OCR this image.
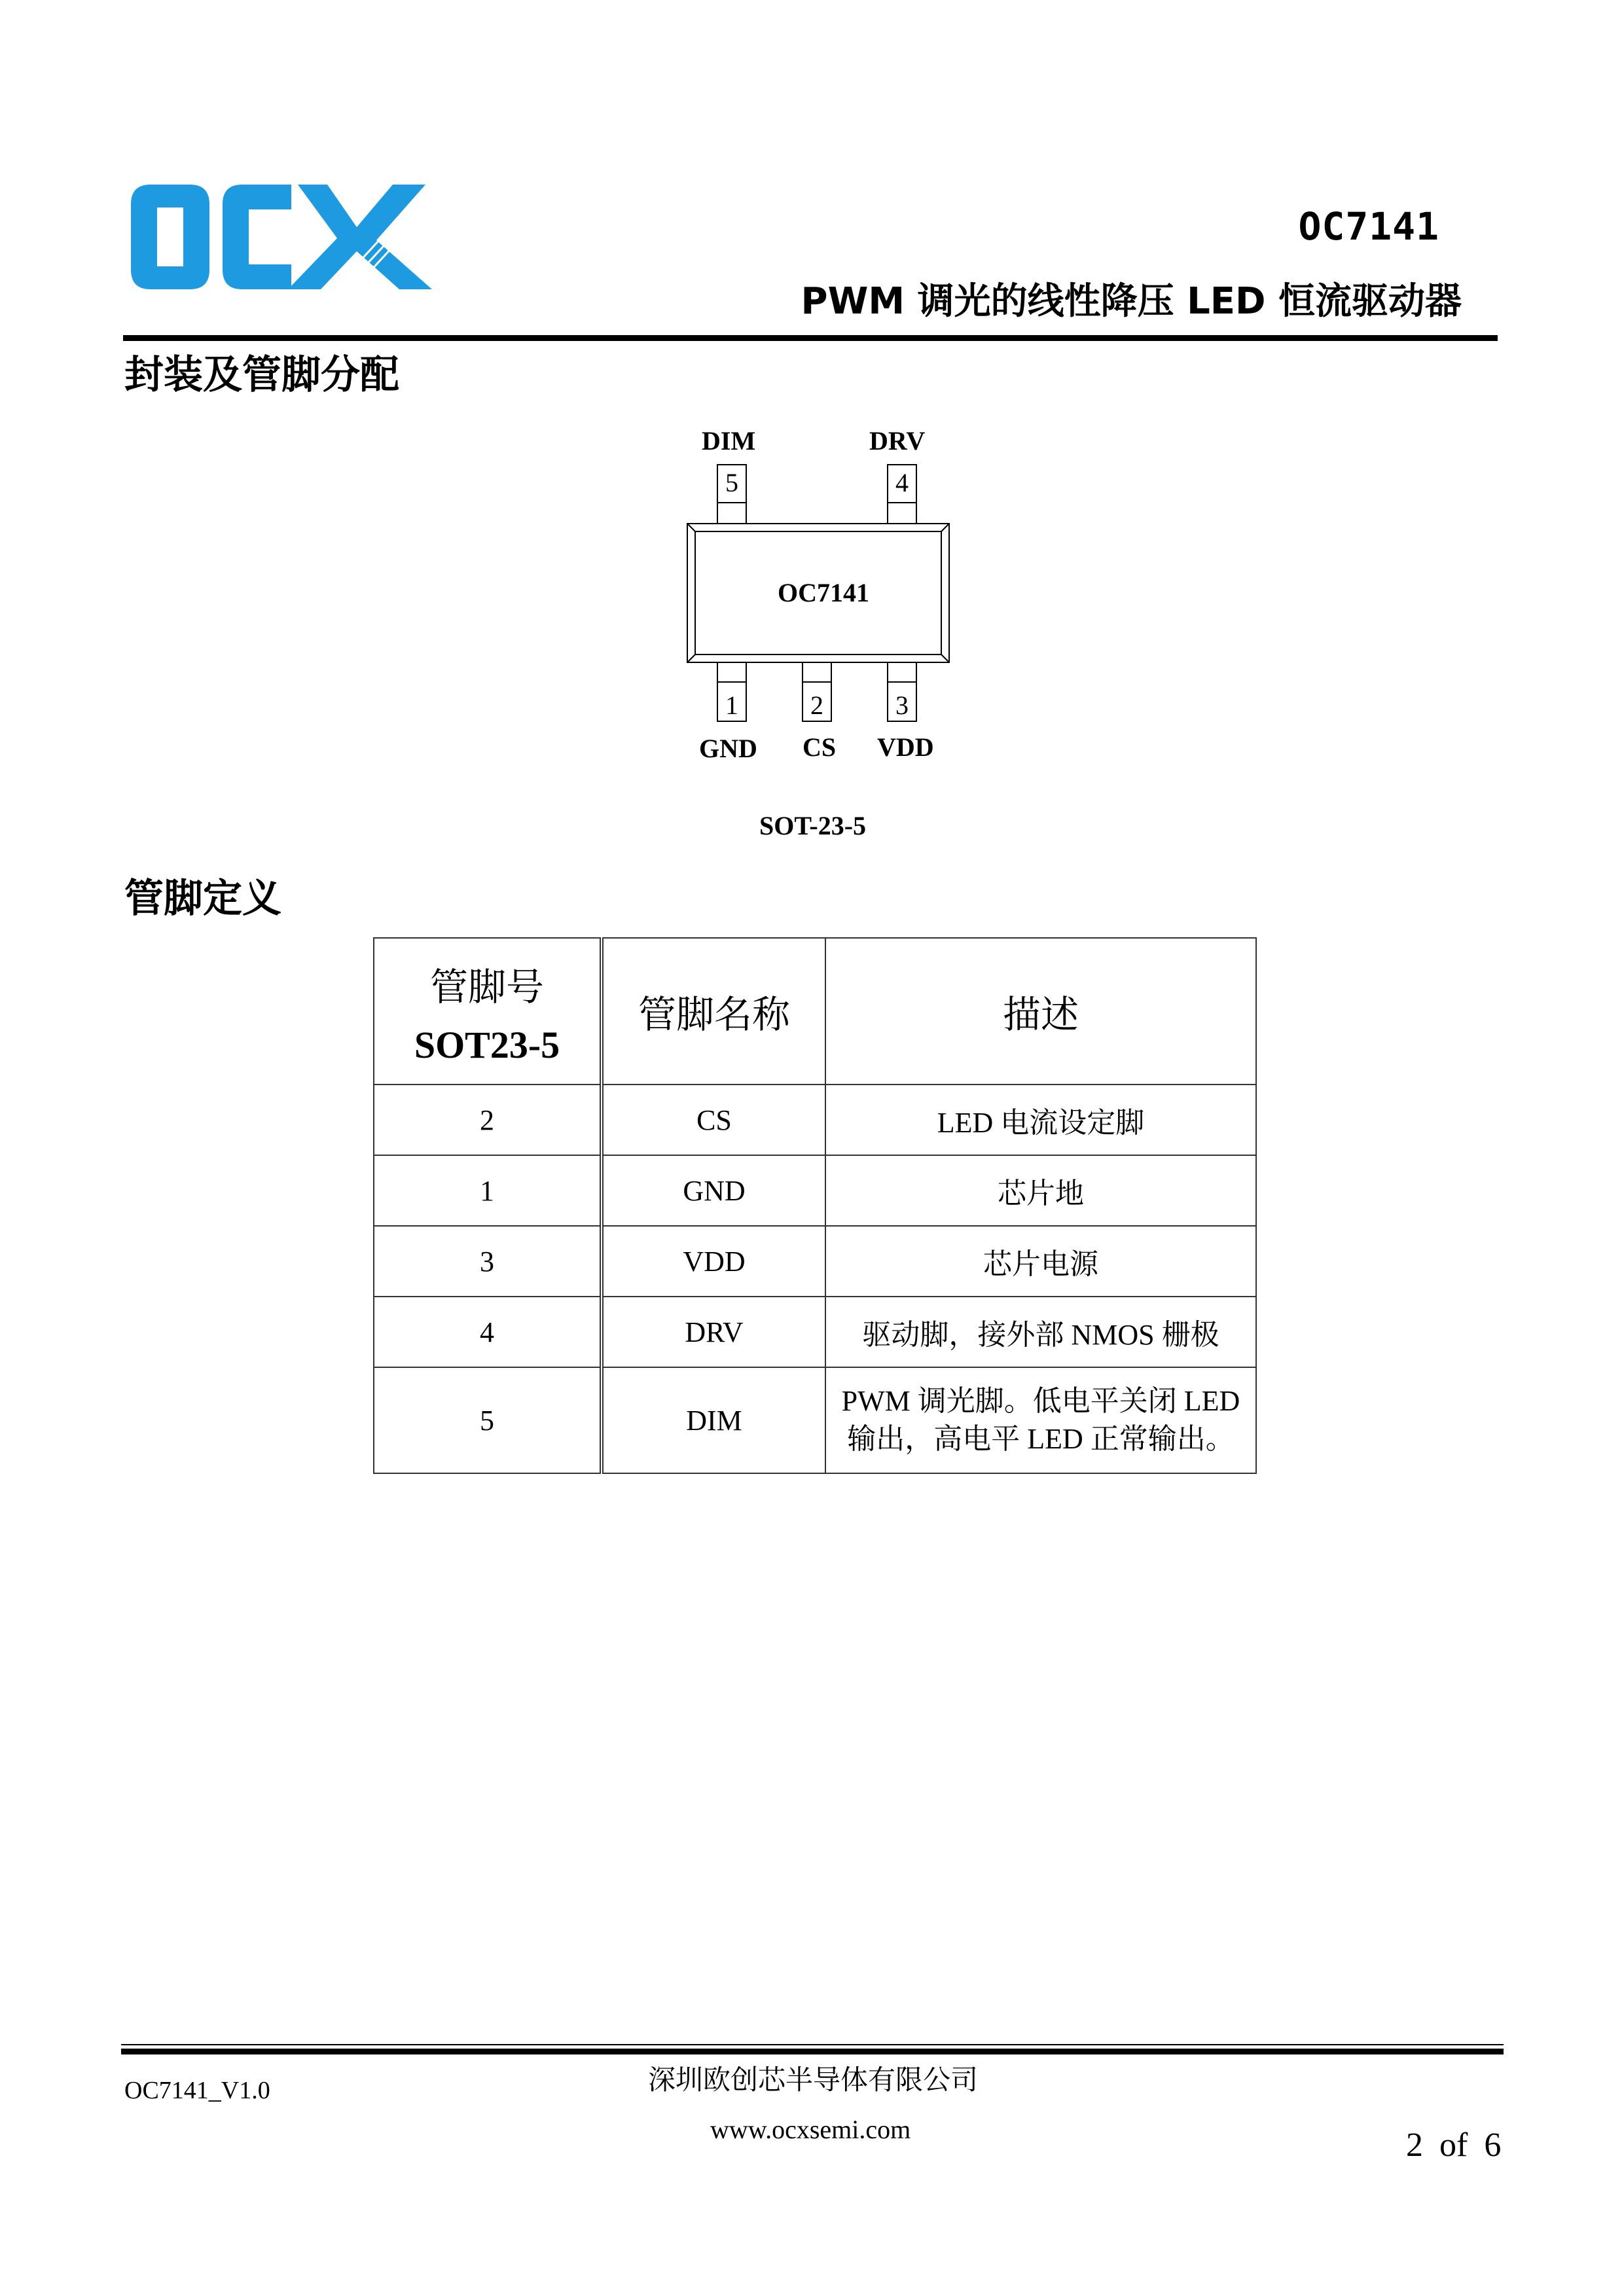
OCX
OC7141
PWM 调光的线性降压 LED 恒流驱动器
封装及管脚分配
DIM	DRV
5	4
OC7141
1	2	3
GND CS VDD
SOT-23-5
管脚定义
管脚号
SOT23-5	管脚名称	描述
2	CS	LED 电流设定脚
1	GND	芯片地
3	VDD	芯片电源
4	DRV	驱动脚，接外部 NMOS 栅极
5	DIM	PWM 调光脚。低电平关闭 LED
输出，高电平 LED 正常输出。
OC7141_V1.0	深圳欧创芯半导体有限公司
www.ocxsemi.com	2 of 6
